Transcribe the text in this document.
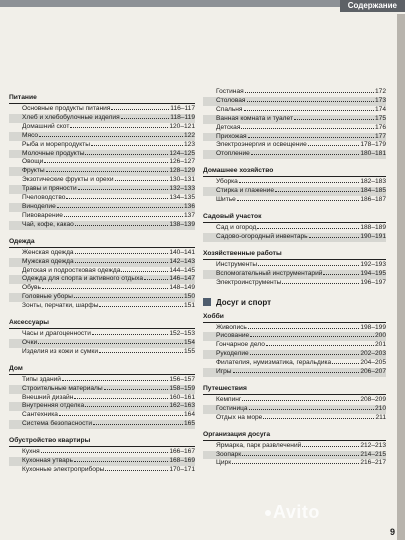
Содержание
Питание
Основные продукты питания	116–117
Хлеб и хлебобулочные изделия	118–119
Домашний скот	120–121
Мясо	122
Рыба и морепродукты	123
Молочные продукты	124–125
Овощи	126–127
Фрукты	128–129
Экзотические фрукты и орехи	130–131
Травы и пряности	132–133
Пчеловодство	134–135
Виноделие	136
Пивоварение	137
Чай, кофе, какао	138–139
Одежда
Женская одежда	140–141
Мужская одежда	142–143
Детская и подростковая одежда	144–145
Одежда для спорта и активного отдыха	146–147
Обувь	148–149
Головные уборы	150
Зонты, перчатки, шарфы	151
Аксессуары
Часы и драгоценности	152–153
Очки	154
Изделия из кожи и сумки	155
Дом
Типы зданий	156–157
Строительные материалы	158–159
Внешний дизайн	160–161
Внутренняя отделка	162–163
Сантехника	164
Система безопасности	165
Обустройство квартиры
Кухня	166–167
Кухонная утварь	168–169
Кухонные электроприборы	170–171
Гостиная	172
Столовая	173
Спальня	174
Ванная комната и туалет	175
Детская	176
Прихожая	177
Электроэнергия и освещение	178–179
Отопление	180–181
Домашнее хозяйство
Уборка	182–183
Стирка и глажение	184–185
Шитье	186–187
Садовый участок
Сад и огород	188–189
Садово-огородный инвентарь	190–191
Хозяйственные работы
Инструменты	192–193
Вспомогательный инструментарий	194–195
Электроинструменты	196–197
Досуг и спорт
Хобби
Живопись	198–199
Рисование	200
Гончарное дело	201
Рукоделие	202–203
Филателия, нумизматика, геральдика	204–205
Игры	206–207
Путешествия
Кемпинг	208–209
Гостиница	210
Отдых на море	211
Организация досуга
Ярмарка, парк развлечений	212–213
Зоопарк	214–215
Цирк	216–217
9
Avito
